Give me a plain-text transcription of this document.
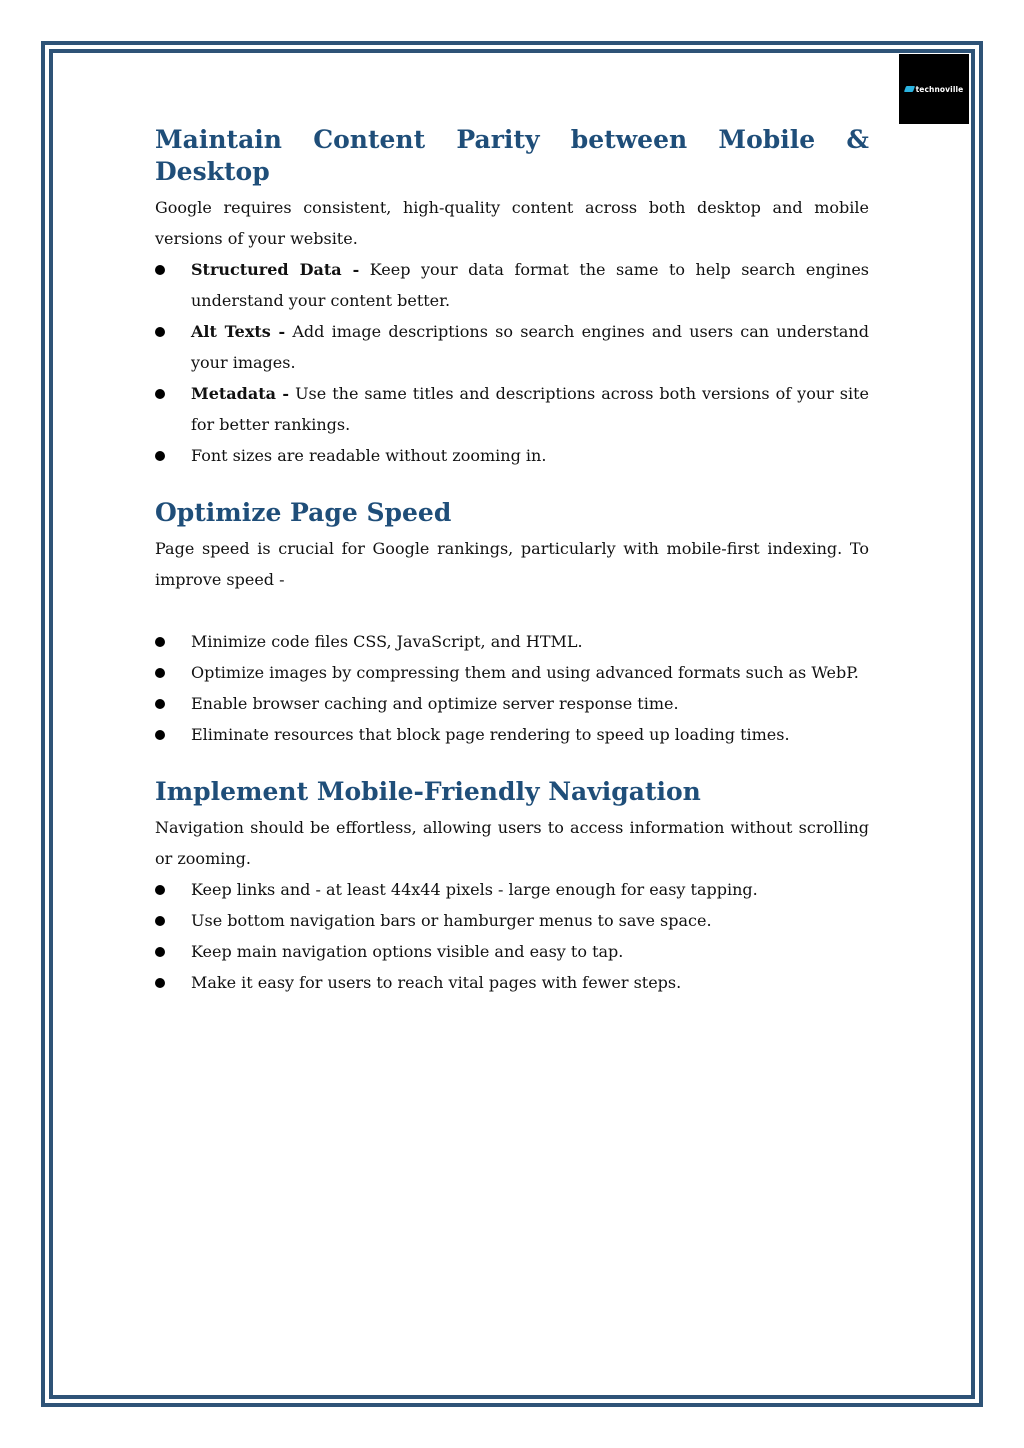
technoville
Maintain Content Parity between Mobile & Desktop

Google requires consistent, high-quality content across both desktop and mobile versions of your website.

Structured Data - Keep your data format the same to help search engines understand your content better.
Alt Texts - Add image descriptions so search engines and users can understand your images.
Metadata - Use the same titles and descriptions across both versions of your site for better rankings.
Font sizes are readable without zooming in.
Optimize Page Speed

Page speed is crucial for Google rankings, particularly with mobile-first indexing. To improve speed -

Minimize code files CSS, JavaScript, and HTML.
Optimize images by compressing them and using advanced formats such as WebP.
Enable browser caching and optimize server response time.
Eliminate resources that block page rendering to speed up loading times.
Implement Mobile-Friendly Navigation

Navigation should be effortless, allowing users to access information without scrolling or zooming.

Keep links and - at least 44x44 pixels - large enough for easy tapping.
Use bottom navigation bars or hamburger menus to save space.
Keep main navigation options visible and easy to tap.
Make it easy for users to reach vital pages with fewer steps.
